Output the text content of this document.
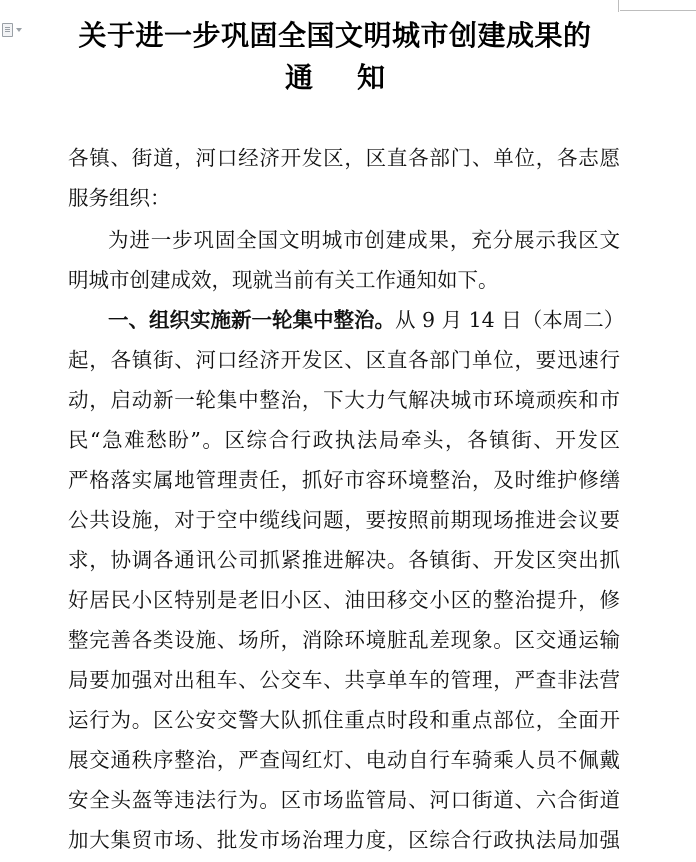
关于进一步巩固全国文明城市创建成果的
通知
各镇、街道，河口经济开发区，区直各部门、单位，各志愿
服务组织：
为进一步巩固全国文明城市创建成果，充分展示我区文
明城市创建成效，现就当前有关工作通知如下。
一、组织实施新一轮集中整治。从 9 月 14 日（本周二）
起，各镇街、河口经济开发区、区直各部门单位，要迅速行
动，启动新一轮集中整治，下大力气解决城市环境顽疾和市
民“急难愁盼”。区综合行政执法局牵头，各镇街、开发区
严格落实属地管理责任，抓好市容环境整治，及时维护修缮
公共设施，对于空中缆线问题，要按照前期现场推进会议要
求，协调各通讯公司抓紧推进解决。各镇街、开发区突出抓
好居民小区特别是老旧小区、油田移交小区的整治提升，修
整完善各类设施、场所，消除环境脏乱差现象。区交通运输
局要加强对出租车、公交车、共享单车的管理，严查非法营
运行为。区公安交警大队抓住重点时段和重点部位，全面开
展交通秩序整治，严查闯红灯、电动自行车骑乘人员不佩戴
安全头盔等违法行为。区市场监管局、河口街道、六合街道
加大集贸市场、批发市场治理力度，区综合行政执法局加强
